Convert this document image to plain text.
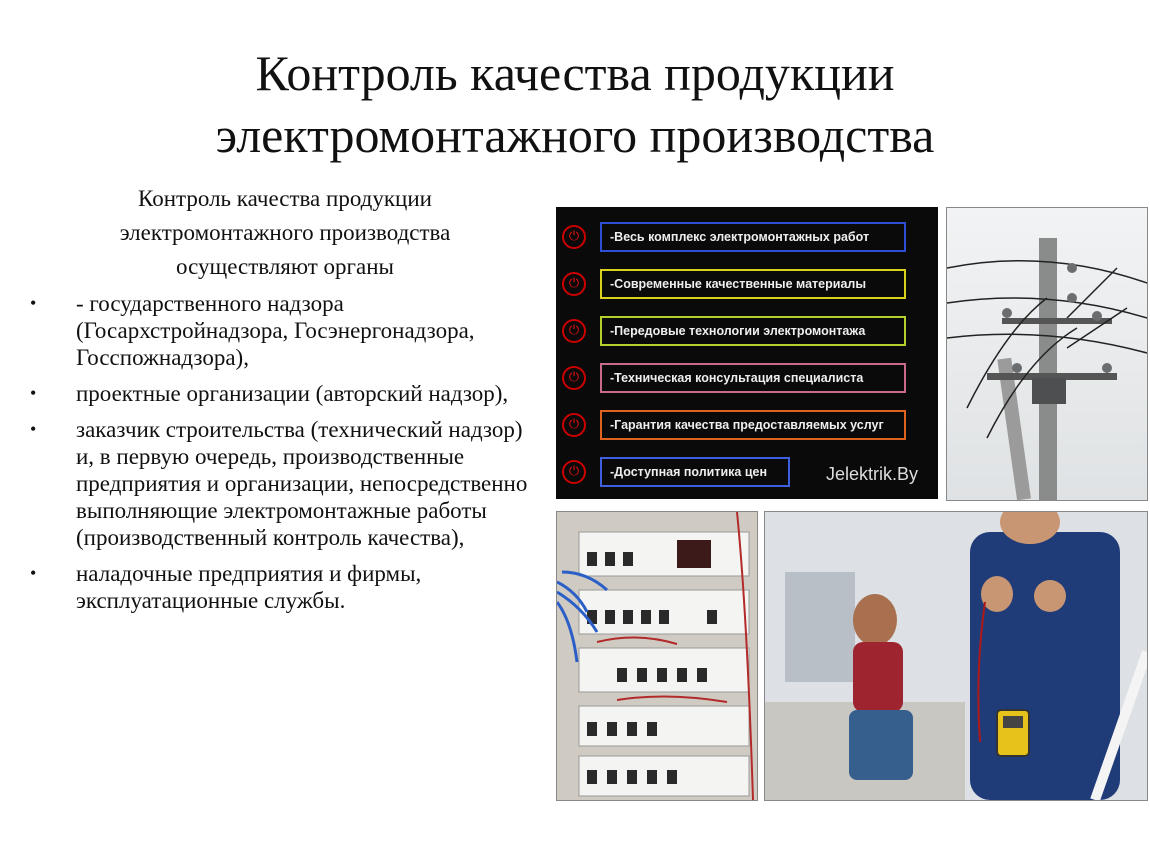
Контроль качества продукции
электромонтажного производства
Контроль качества продукции
электромонтажного производства
осуществляют органы
• - государственного надзора (Госархстройнадзора, Госэнергонадзора, Госспожнадзора),
• проектные организации (авторский надзор),
• заказчик строительства (технический надзор) и, в первую очередь, производственные предприятия и организации, непосредственно выполняющие электромонтажные работы (производственный контроль качества),
• наладочные предприятия и фирмы, эксплуатационные службы.
⏻	-Весь комплекс электромонтажных работ
⏻	-Современные качественные материалы
⏻	-Передовые технологии электромонтажа
⏻	-Техническая консультация специалиста
⏻	-Гарантия качества предоставляемых услуг
⏻	-Доступная политика цен	Jelektrik.By
